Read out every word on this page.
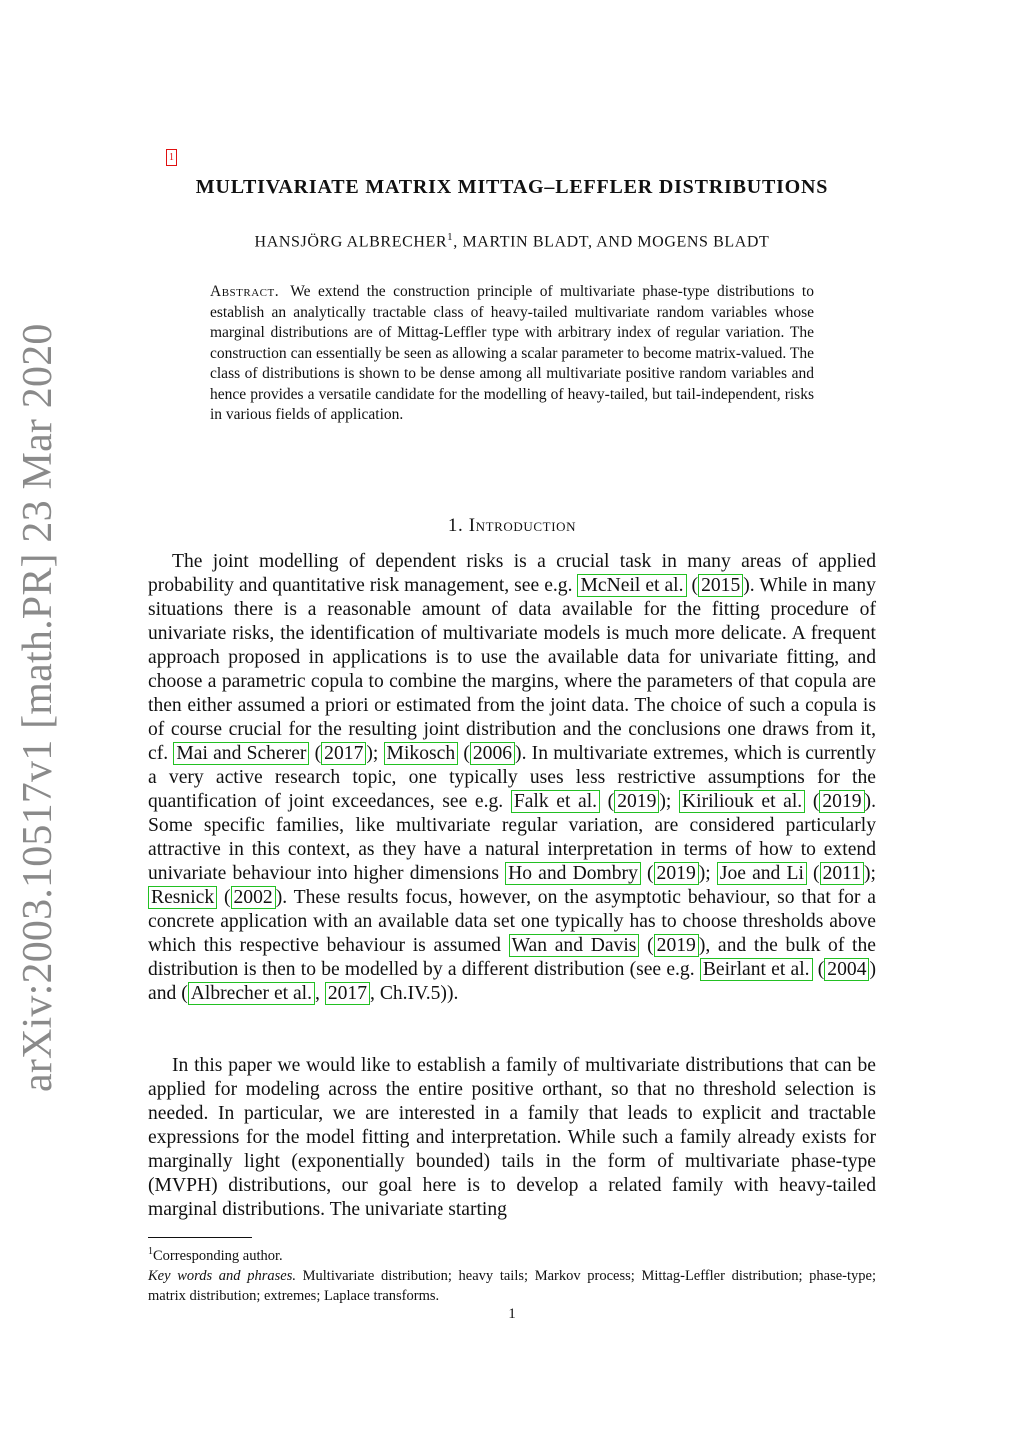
arXiv:2003.10517v1 [math.PR] 23 Mar 2020
1
MULTIVARIATE MATRIX MITTAG–LEFFLER DISTRIBUTIONS
HANSJÖRG ALBRECHER$^1$, MARTIN BLADT, AND MOGENS BLADT
Abstract. We extend the construction principle of multivariate phase-type distributions to establish an analytically tractable class of heavy-tailed multivariate random variables whose marginal distributions are of Mittag-Leffler type with arbitrary index of regular variation. The construction can essentially be seen as allowing a scalar parameter to become matrix-valued. The class of distributions is shown to be dense among all multivariate positive random variables and hence provides a versatile candidate for the modelling of heavy-tailed, but tail-independent, risks in various fields of application.
1. Introduction

The joint modelling of dependent risks is a crucial task in many areas of applied probability and quantitative risk management, see e.g. McNeil et al. ( 2015 ). While in many situations there is a reasonable amount of data available for the fitting procedure of univariate risks, the identification of multivariate models is much more delicate. A frequent approach proposed in applications is to use the available data for univariate fitting, and choose a parametric copula to combine the margins, where the parameters of that copula are then either assumed a priori or estimated from the joint data. The choice of such a copula is of course crucial for the resulting joint distribution and the conclusions one draws from it, cf. Mai and Scherer ( 2017 ); Mikosch ( 2006 ). In multivariate extremes, which is currently a very active research topic, one typically uses less restrictive assumptions for the quantification of joint exceedances, see e.g. Falk et al. ( 2019 ); Kiriliouk et al. ( 2019 ). Some specific families, like multivariate regular variation, are considered particularly attractive in this context, as they have a natural interpretation in terms of how to extend univariate behaviour into higher dimensions Ho and Dombry ( 2019 ); Joe and Li ( 2011 ); Resnick ( 2002 ). These results focus, however, on the asymptotic behaviour, so that for a concrete application with an available data set one typically has to choose thresholds above which this respective behaviour is assumed Wan and Davis ( 2019 ), and the bulk of the distribution is then to be modelled by a different distribution (see e.g. Beirlant et al. ( 2004 ) and ( Albrecher et al. , 2017 , Ch.IV.5)).

In this paper we would like to establish a family of multivariate distributions that can be applied for modeling across the entire positive orthant, so that no threshold selection is needed. In particular, we are interested in a family that leads to explicit and tractable expressions for the model fitting and interpretation. While such a family already exists for marginally light (exponentially bounded) tails in the form of multivariate phase-type (MVPH) distributions, our goal here is to develop a related family with heavy-tailed marginal distributions. The univariate starting

$^1$Corresponding author.

Key words and phrases. Multivariate distribution; heavy tails; Markov process; Mittag-Leffler distribution; phase-type; matrix distribution; extremes; Laplace transforms.

1
